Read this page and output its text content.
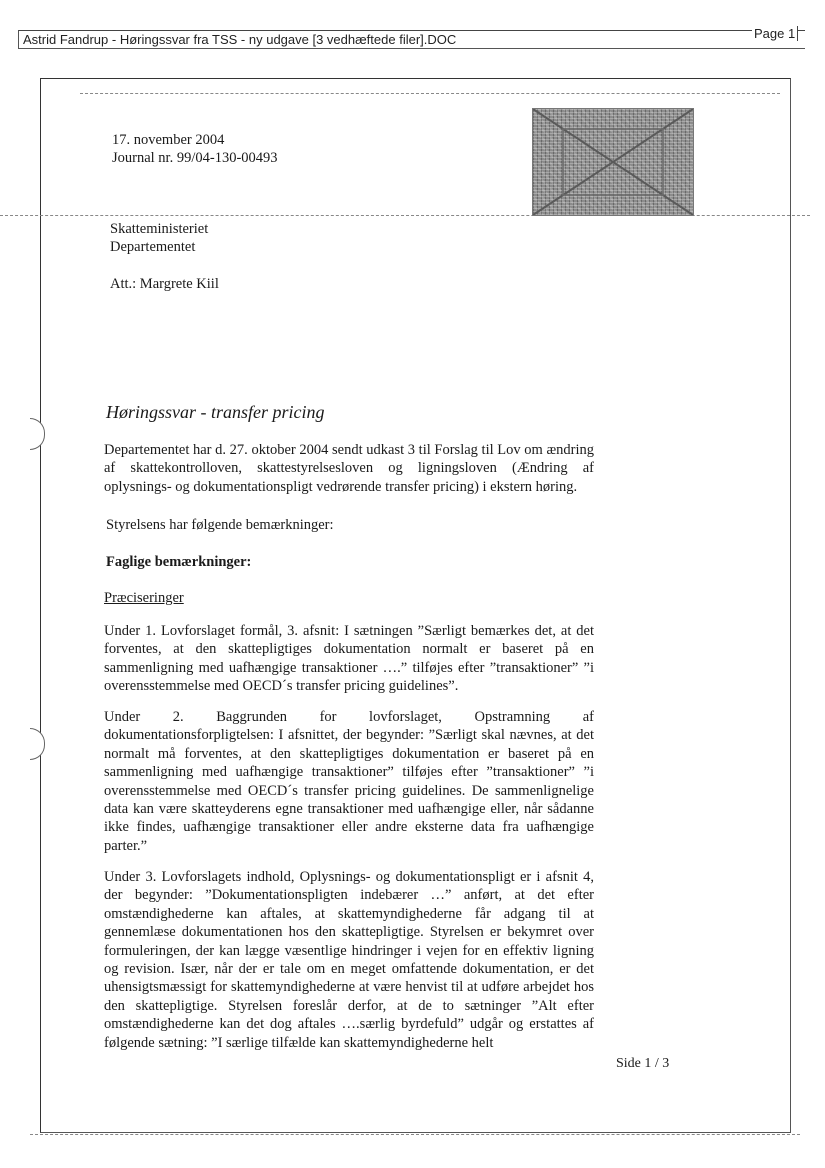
Astrid Fandrup - Høringssvar fra TSS - ny udgave [3 vedhæftede filer].DOC	Page 1
17. november 2004
Journal nr. 99/04-130-00493
Skatteministeriet
Departementet
Att.: Margrete Kiil
Høringssvar - transfer pricing
Departementet har d. 27. oktober 2004 sendt udkast 3 til Forslag til Lov om ændring af skattekontrolloven, skattestyrelsesloven og ligningsloven (Ændring af oplysnings- og dokumentationspligt vedrørende transfer pricing) i ekstern høring.
Styrelsens har følgende bemærkninger:
Faglige bemærkninger:
Præciseringer
Under 1. Lovforslaget formål, 3. afsnit: I sætningen ”Særligt bemærkes det, at det forventes, at den skattepligtiges dokumentation normalt er baseret på en sammenligning med uafhængige transaktioner ….” tilføjes efter ”transaktioner” ”i overensstemmelse med OECD´s transfer pricing guidelines”.
Under 2. Baggrunden for lovforslaget, Opstramning af dokumentationsforpligtelsen: I afsnittet, der begynder: ”Særligt skal nævnes, at det normalt må forventes, at den skattepligtiges dokumentation er baseret på en sammenligning med uafhængige transaktioner” tilføjes efter ”transaktioner” ”i overensstemmelse med OECD´s transfer pricing guidelines. De sammenlignelige data kan være skatteyderens egne transaktioner med uafhængige eller, når sådanne ikke findes, uafhængige transaktioner eller andre eksterne data fra uafhængige parter.”
Under 3. Lovforslagets indhold, Oplysnings- og dokumentationspligt er i afsnit 4, der begynder: ”Dokumentationspligten indebærer …” anført, at det efter omstændighederne kan aftales, at skattemyndighederne får adgang til at gennemlæse dokumentationen hos den skattepligtige. Styrelsen er bekymret over formuleringen, der kan lægge væsentlige hindringer i vejen for en effektiv ligning og revision. Især, når der er tale om en meget omfattende dokumentation, er det uhensigtsmæssigt for skattemyndighederne at være henvist til at udføre arbejdet hos den skattepligtige. Styrelsen foreslår derfor, at de to sætninger ”Alt efter omstændighederne kan det dog aftales ….særlig byrdefuld” udgår og erstattes af følgende sætning: ”I særlige tilfælde kan skattemyndighederne helt
Side 1 / 3
